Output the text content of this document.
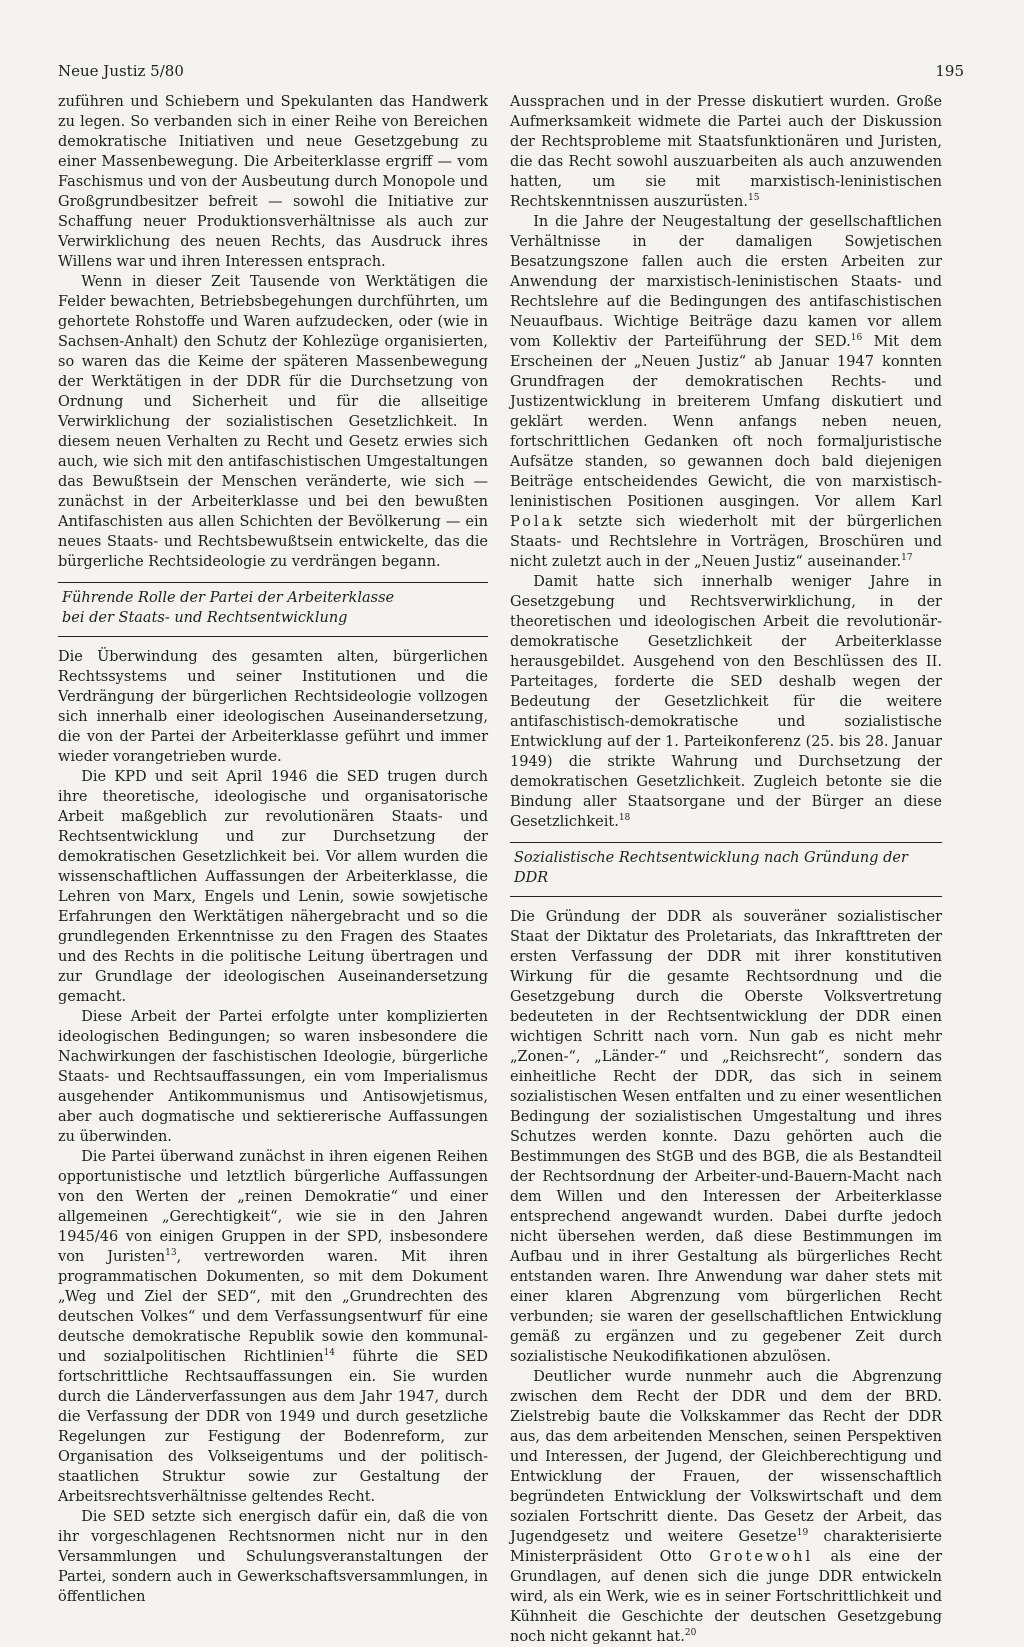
Neue Justiz 5/80	195

zuführen und Schiebern und Spekulanten das Handwerk zu legen. So verbanden sich in einer Reihe von Bereichen demokratische Initiativen und neue Gesetzgebung zu einer Massenbewegung. Die Arbeiterklasse ergriff — vom Faschismus und von der Ausbeutung durch Monopole und Großgrundbesitzer befreit — sowohl die Initiative zur Schaffung neuer Produktionsverhältnisse als auch zur Verwirklichung des neuen Rechts, das Ausdruck ihres Willens war und ihren Interessen entsprach.

Wenn in dieser Zeit Tausende von Werktätigen die Felder bewachten, Betriebsbegehungen durchführten, um gehortete Rohstoffe und Waren aufzudecken, oder (wie in Sachsen-Anhalt) den Schutz der Kohlezüge organisierten, so waren das die Keime der späteren Massenbewegung der Werktätigen in der DDR für die Durchsetzung von Ordnung und Sicherheit und für die allseitige Verwirklichung der sozialistischen Gesetzlichkeit. In diesem neuen Verhalten zu Recht und Gesetz erwies sich auch, wie sich mit den antifaschistischen Umgestaltungen das Bewußtsein der Menschen veränderte, wie sich — zunächst in der Arbeiterklasse und bei den bewußten Antifaschisten aus allen Schichten der Bevölkerung — ein neues Staats- und Rechtsbewußtsein entwickelte, das die bürgerliche Rechtsideologie zu verdrängen begann.

Führende Rolle der Partei der Arbeiterklasse
bei der Staats- und Rechtsentwicklung

Die Überwindung des gesamten alten, bürgerlichen Rechtssystems und seiner Institutionen und die Verdrängung der bürgerlichen Rechtsideologie vollzogen sich innerhalb einer ideologischen Auseinandersetzung, die von der Partei der Arbeiterklasse geführt und immer wieder vorangetrieben wurde.

Die KPD und seit April 1946 die SED trugen durch ihre theoretische, ideologische und organisatorische Arbeit maßgeblich zur revolutionären Staats- und Rechtsentwicklung und zur Durchsetzung der demokratischen Gesetzlichkeit bei. Vor allem wurden die wissenschaftlichen Auffassungen der Arbeiterklasse, die Lehren von Marx, Engels und Lenin, sowie sowjetische Erfahrungen den Werktätigen nähergebracht und so die grundlegenden Erkenntnisse zu den Fragen des Staates und des Rechts in die politische Leitung übertragen und zur Grundlage der ideologischen Auseinandersetzung gemacht.

Diese Arbeit der Partei erfolgte unter komplizierten ideologischen Bedingungen; so waren insbesondere die Nachwirkungen der faschistischen Ideologie, bürgerliche Staats- und Rechtsauffassungen, ein vom Imperialismus ausgehender Antikommunismus und Antisowjetismus, aber auch dogmatische und sektiererische Auffassungen zu überwinden.

Die Partei überwand zunächst in ihren eigenen Reihen opportunistische und letztlich bürgerliche Auffassungen von den Werten der „reinen Demokratie“ und einer allgemeinen „Gerechtigkeit“, wie sie in den Jahren 1945/46 von einigen Gruppen in der SPD, insbesondere von Juristen$^{13}$, vertreworden waren. Mit ihren programmatischen Dokumenten, so mit dem Dokument „Weg und Ziel der SED“, mit den „Grundrechten des deutschen Volkes“ und dem Verfassungsentwurf für eine deutsche demokratische Republik sowie den kommunal- und sozialpolitischen Richtlinien$^{14}$ führte die SED fortschrittliche Rechtsauffassungen ein. Sie wurden durch die Länderverfassungen aus dem Jahr 1947, durch die Verfassung der DDR von 1949 und durch gesetzliche Regelungen zur Festigung der Bodenreform, zur Organisation des Volkseigentums und der politisch-staatlichen Struktur sowie zur Gestaltung der Arbeitsrechtsverhältnisse geltendes Recht.

Die SED setzte sich energisch dafür ein, daß die von ihr vorgeschlagenen Rechtsnormen nicht nur in den Versammlungen und Schulungsveranstaltungen der Partei, sondern auch in Gewerkschaftsversammlungen, in öffentlichen

Aussprachen und in der Presse diskutiert wurden. Große Aufmerksamkeit widmete die Partei auch der Diskussion der Rechtsprobleme mit Staatsfunktionären und Juristen, die das Recht sowohl auszuarbeiten als auch anzuwenden hatten, um sie mit marxistisch-leninistischen Rechtskenntnissen auszurüsten.$^{15}$

In die Jahre der Neugestaltung der gesellschaftlichen Verhältnisse in der damaligen Sowjetischen Besatzungszone fallen auch die ersten Arbeiten zur Anwendung der marxistisch-leninistischen Staats- und Rechtslehre auf die Bedingungen des antifaschistischen Neuaufbaus. Wichtige Beiträge dazu kamen vor allem vom Kollektiv der Parteiführung der SED.$^{16}$ Mit dem Erscheinen der „Neuen Justiz“ ab Januar 1947 konnten Grundfragen der demokratischen Rechts- und Justizentwicklung in breiterem Umfang diskutiert und geklärt werden. Wenn anfangs neben neuen, fortschrittlichen Gedanken oft noch formaljuristische Aufsätze standen, so gewannen doch bald diejenigen Beiträge entscheidendes Gewicht, die von marxistisch-leninistischen Positionen ausgingen. Vor allem Karl Polak setzte sich wiederholt mit der bürgerlichen Staats- und Rechtslehre in Vorträgen, Broschüren und nicht zuletzt auch in der „Neuen Justiz“ auseinander.$^{17}$

Damit hatte sich innerhalb weniger Jahre in Gesetzgebung und Rechtsverwirklichung, in der theoretischen und ideologischen Arbeit die revolutionär-demokratische Gesetzlichkeit der Arbeiterklasse herausgebildet. Ausgehend von den Beschlüssen des II. Parteitages, forderte die SED deshalb wegen der Bedeutung der Gesetzlichkeit für die weitere antifaschistisch-demokratische und sozialistische Entwicklung auf der 1. Parteikonferenz (25. bis 28. Januar 1949) die strikte Wahrung und Durchsetzung der demokratischen Gesetzlichkeit. Zugleich betonte sie die Bindung aller Staatsorgane und der Bürger an diese Gesetzlichkeit.$^{18}$

Sozialistische Rechtsentwicklung nach Gründung der DDR

Die Gründung der DDR als souveräner sozialistischer Staat der Diktatur des Proletariats, das Inkrafttreten der ersten Verfassung der DDR mit ihrer konstitutiven Wirkung für die gesamte Rechtsordnung und die Gesetzgebung durch die Oberste Volksvertretung bedeuteten in der Rechtsentwicklung der DDR einen wichtigen Schritt nach vorn. Nun gab es nicht mehr „Zonen-“, „Länder-“ und „Reichsrecht“, sondern das einheitliche Recht der DDR, das sich in seinem sozialistischen Wesen entfalten und zu einer wesentlichen Bedingung der sozialistischen Umgestaltung und ihres Schutzes werden konnte. Dazu gehörten auch die Bestimmungen des StGB und des BGB, die als Bestandteil der Rechtsordnung der Arbeiter-und-Bauern-Macht nach dem Willen und den Interessen der Arbeiterklasse entsprechend angewandt wurden. Dabei durfte jedoch nicht übersehen werden, daß diese Bestimmungen im Aufbau und in ihrer Gestaltung als bürgerliches Recht entstanden waren. Ihre Anwendung war daher stets mit einer klaren Abgrenzung vom bürgerlichen Recht verbunden; sie waren der gesellschaftlichen Entwicklung gemäß zu ergänzen und zu gegebener Zeit durch sozialistische Neukodifikationen abzulösen.

Deutlicher wurde nunmehr auch die Abgrenzung zwischen dem Recht der DDR und dem der BRD. Zielstrebig baute die Volkskammer das Recht der DDR aus, das dem arbeitenden Menschen, seinen Perspektiven und Interessen, der Jugend, der Gleichberechtigung und Entwicklung der Frauen, der wissenschaftlich begründeten Entwicklung der Volkswirtschaft und dem sozialen Fortschritt diente. Das Gesetz der Arbeit, das Jugendgesetz und weitere Gesetze$^{19}$ charakterisierte Ministerpräsident Otto Grotewohl als eine der Grundlagen, auf denen sich die junge DDR entwickeln wird, als ein Werk, wie es in seiner Fortschrittlichkeit und Kühnheit die Geschichte der deutschen Gesetzgebung noch nicht gekannt hat.$^{20}$
